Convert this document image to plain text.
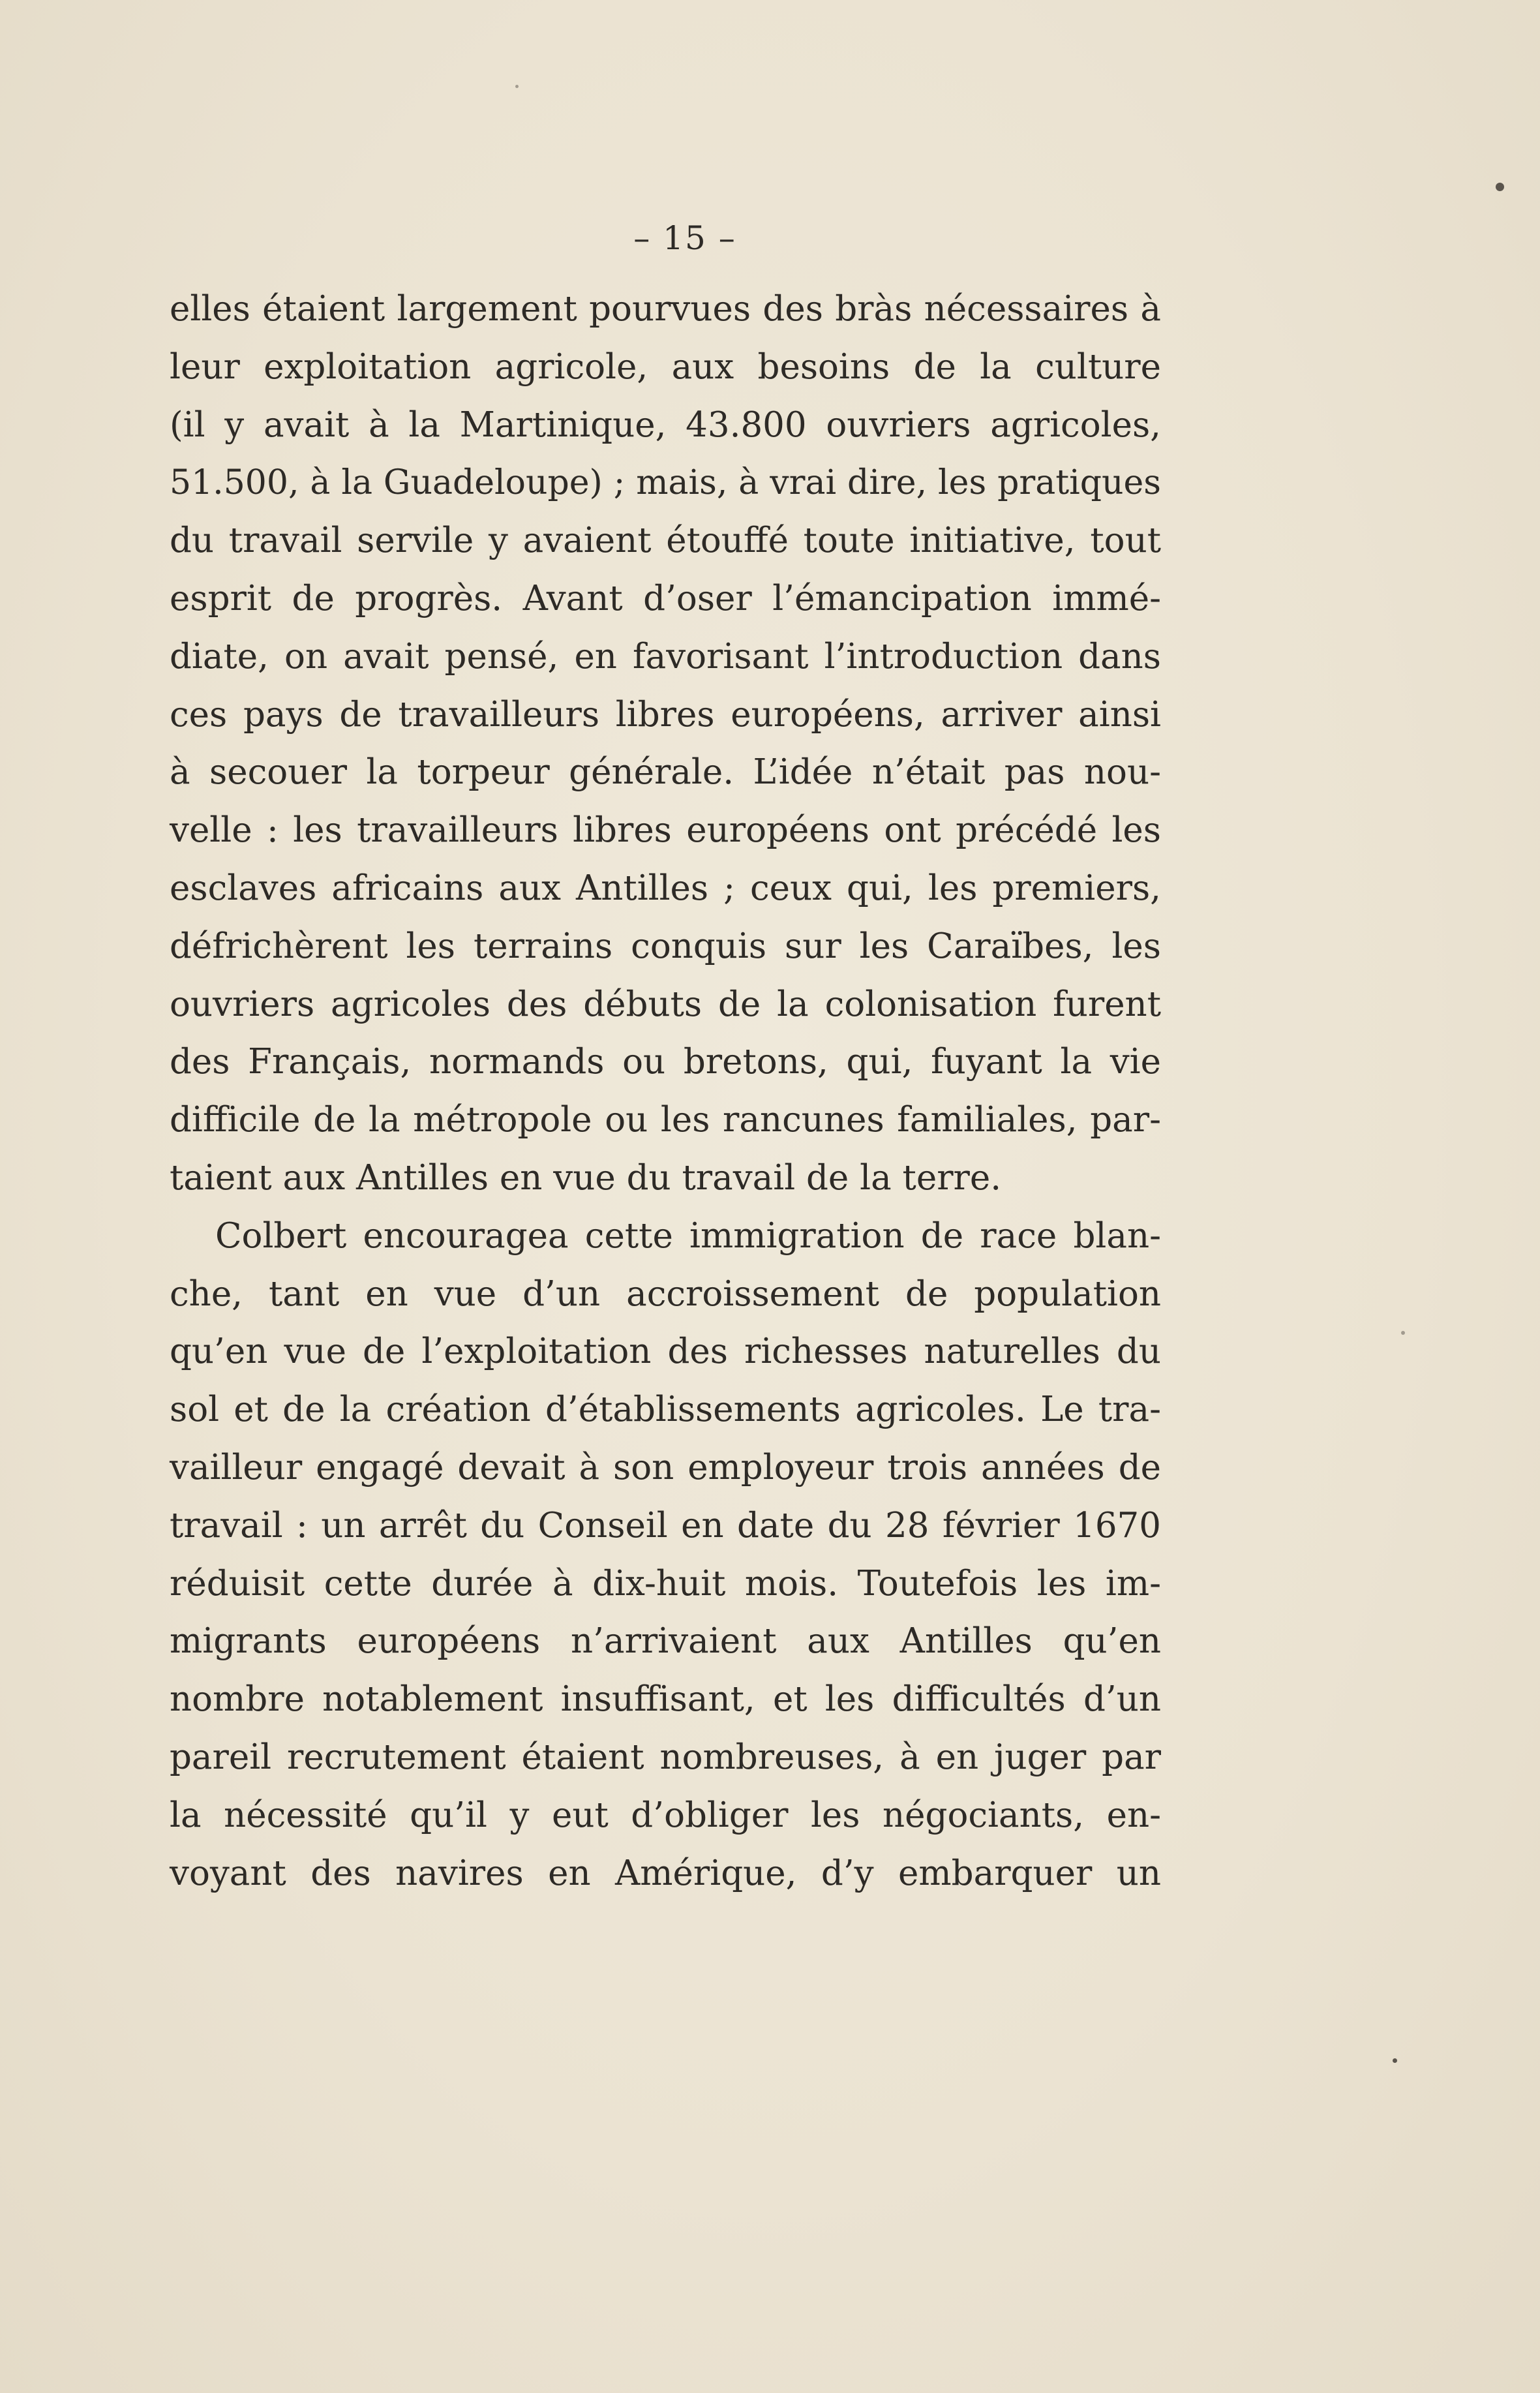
– 15 –
elles étaient largement pourvues des bràs nécessaires à
leur exploitation agricole, aux besoins de la culture
(il y avait à la Martinique, 43.800 ouvriers agricoles,
51.500, à la Guadeloupe) ; mais, à vrai dire, les pratiques
du travail servile y avaient étouffé toute initiative, tout
esprit de progrès. Avant d’oser l’émancipation immé-
diate, on avait pensé, en favorisant l’introduction dans
ces pays de travailleurs libres européens, arriver ainsi
à secouer la torpeur générale. L’idée n’était pas nou-
velle : les travailleurs libres européens ont précédé les
esclaves africains aux Antilles ; ceux qui, les premiers,
défrichèrent les terrains conquis sur les Caraïbes, les
ouvriers agricoles des débuts de la colonisation furent
des Français, normands ou bretons, qui, fuyant la vie
difficile de la métropole ou les rancunes familiales, par-
taient aux Antilles en vue du travail de la terre.
Colbert encouragea cette immigration de race blan-
che, tant en vue d’un accroissement de population
qu’en vue de l’exploitation des richesses naturelles du
sol et de la création d’établissements agricoles. Le tra-
vailleur engagé devait à son employeur trois années de
travail : un arrêt du Conseil en date du 28 février 1670
réduisit cette durée à dix-huit mois. Toutefois les im-
migrants européens n’arrivaient aux Antilles qu’en
nombre notablement insuffisant, et les difficultés d’un
pareil recrutement étaient nombreuses, à en juger par
la nécessité qu’il y eut d’obliger les négociants, en-
voyant des navires en Amérique, d’y embarquer un
